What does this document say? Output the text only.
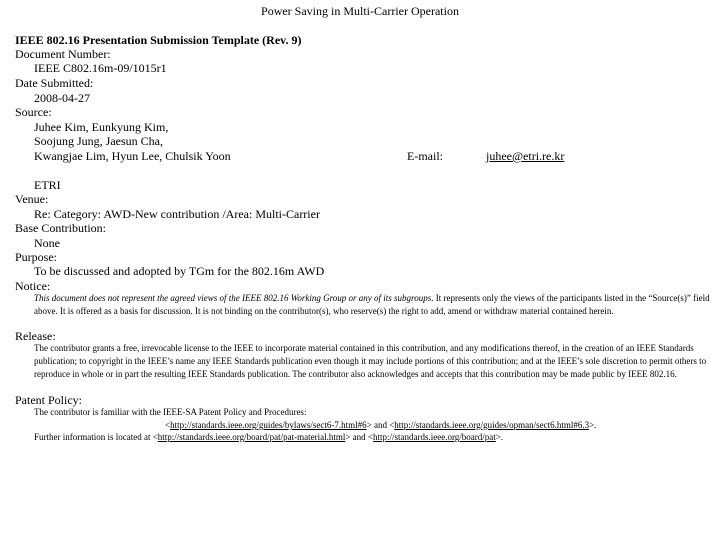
Power Saving in Multi-Carrier Operation
IEEE 802.16 Presentation Submission Template (Rev. 9)
Document Number:
IEEE C802.16m-09/1015r1
Date Submitted:
2008-04-27
Source:
Juhee Kim, Eunkyung Kim,
Soojung Jung, Jaesun Cha,
Kwangjae Lim, Hyun Lee, Chulsik Yoon	E-mail:	juhee@etri.re.kr
ETRI
Venue:
Re: Category: AWD-New contribution /Area: Multi-Carrier
Base Contribution:
None
Purpose:
To be discussed and adopted by TGm for the 802.16m AWD
Notice:
This document does not represent the agreed views of the IEEE 802.16 Working Group or any of its subgroups. It represents only the views of the participants listed in the “Source(s)” field above. It is offered as a basis for discussion. It is not binding on the contributor(s), who reserve(s) the right to add, amend or withdraw material contained herein.
Release:
The contributor grants a free, irrevocable license to the IEEE to incorporate material contained in this contribution, and any modifications thereof, in the creation of an IEEE Standards publication; to copyright in the IEEE’s name any IEEE Standards publication even though it may include portions of this contribution; and at the IEEE’s sole discretion to permit others to reproduce in whole or in part the resulting IEEE Standards publication. The contributor also acknowledges and accepts that this contribution may be made public by IEEE 802.16.
Patent Policy:
The contributor is familiar with the IEEE-SA Patent Policy and Procedures:
<http://standards.ieee.org/guides/bylaws/sect6-7.html#6> and <http://standards.ieee.org/guides/opman/sect6.html#6.3>.
Further information is located at <http://standards.ieee.org/board/pat/pat-material.html> and <http://standards.ieee.org/board/pat>.
